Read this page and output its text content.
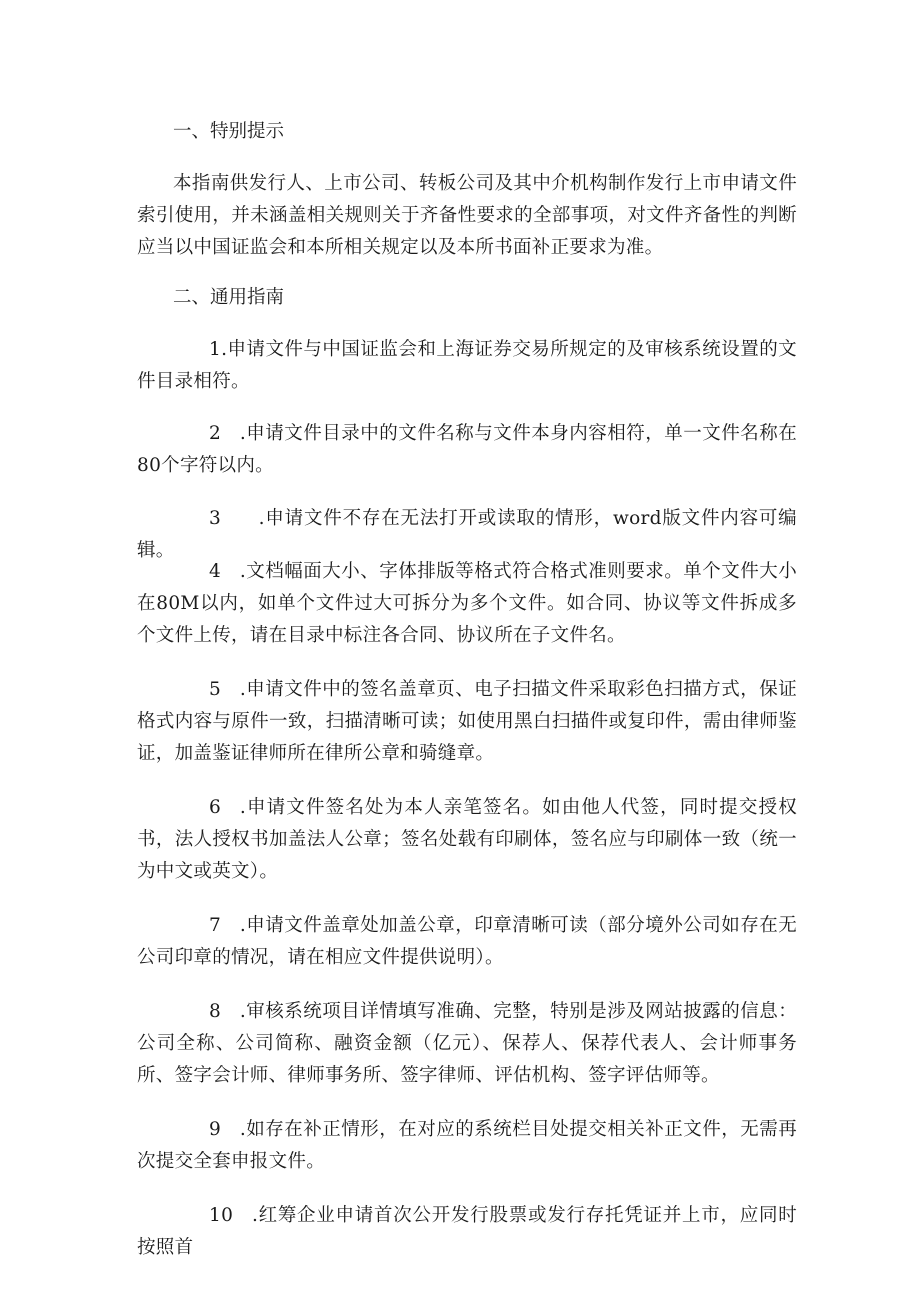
一、特别提示

本指南供发行人、上市公司、转板公司及其中介机构制作发行上市申请文件索引使用，并未涵盖相关规则关于齐备性要求的全部事项，对文件齐备性的判断应当以中国证监会和本所相关规定以及本所书面补正要求为准。

二、通用指南

1.申请文件与中国证监会和上海证券交易所规定的及审核系统设置的文件目录相符。

2　.申请文件目录中的文件名称与文件本身内容相符，单一文件名称在80个字符以内。

3　　.申请文件不存在无法打开或读取的情形，word版文件内容可编辑。

4　.文档幅面大小、字体排版等格式符合格式准则要求。单个文件大小在80M以内，如单个文件过大可拆分为多个文件。如合同、协议等文件拆成多个文件上传，请在目录中标注各合同、协议所在子文件名。

5　.申请文件中的签名盖章页、电子扫描文件采取彩色扫描方式，保证格式内容与原件一致，扫描清晰可读；如使用黑白扫描件或复印件，需由律师鉴证，加盖鉴证律师所在律所公章和骑缝章。

6　.申请文件签名处为本人亲笔签名。如由他人代签，同时提交授权书，法人授权书加盖法人公章；签名处载有印刷体，签名应与印刷体一致（统一为中文或英文）。

7　.申请文件盖章处加盖公章，印章清晰可读（部分境外公司如存在无公司印章的情况，请在相应文件提供说明）。

8　.审核系统项目详情填写准确、完整，特别是涉及网站披露的信息：公司全称、公司简称、融资金额（亿元）、保荐人、保荐代表人、会计师事务所、签字会计师、律师事务所、签字律师、评估机构、签字评估师等。

9　.如存在补正情形，在对应的系统栏目处提交相关补正文件，无需再次提交全套申报文件。

10　.红筹企业申请首次公开发行股票或发行存托凭证并上市，应同时按照首
